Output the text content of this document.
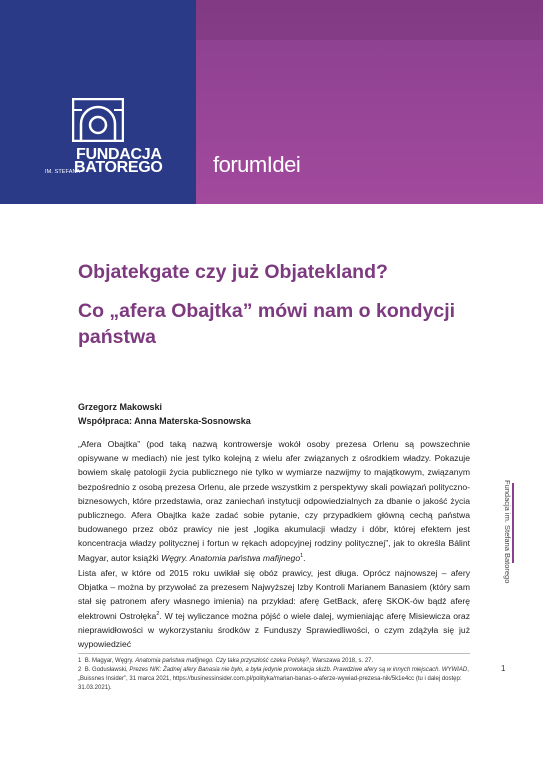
FUNDACJA
BATOREGO
IM. STEFANA	forumIdei
Objatekgate czy już Objatekland?
Co „afera Obajtka” mówi nam o kondycji państwa
Grzegorz Makowski
Współpraca: Anna Materska-Sosnowska

„Afera Obajtka” (pod taką nazwą kontrowersje wokół osoby prezesa Orlenu są powszechnie opisywane w mediach) nie jest tylko kolejną z wielu afer związanych z ośrodkiem władzy. Pokazuje bowiem skalę patologii życia publicznego nie tylko w wymiarze nazwijmy to majątkowym, związanym bezpośrednio z osobą prezesa Orlenu, ale przede wszystkim z perspektywy skali powiązań polityczno-biznesowych, które przedstawia, oraz zaniechań instytucji odpowiedzialnych za dbanie o jakość życia publicznego. Afera Obajtka każe zadać sobie pytanie, czy przypadkiem główną cechą państwa budowanego przez obóz prawicy nie jest „logika akumulacji władzy i dóbr, której efektem jest koncentracja władzy politycznej i fortun w rękach adopcyjnej rodziny politycznej”, jak to określa Bálint Magyar, autor książki Węgry. Anatomia państwa mafijnego$^1$.

Lista afer, w które od 2015 roku uwikłał się obóz prawicy, jest długa. Oprócz najnowszej – afery Objatka – można by przywołać za prezesem Najwyższej Izby Kontroli Marianem Banasiem (który sam stał się patronem afery własnego imienia) na przykład: aferę GetBack, aferę SKOK-ów bądź aferę elektrowni Ostrołęka$^2$. W tej wyliczance można pójść o wiele dalej, wymieniając aferę Misiewicza oraz nieprawidłowości w wykorzystaniu środków z Funduszy Sprawiedliwości, o czym zdążyła się już wypowiedzieć

1 B. Magyar, Węgry. Anatomia państwa mafijnego. Czy taka przyszłość czeka Polskę?, Warszawa 2018, s. 27.

2 B. Godusławski, Prezes NIK: Żadnej afery Banasia nie było, a była jedynie prowokacja służb. Prawdziwe afery są w innych miejscach. WYWIAD, „Buissnes Insider”, 31 marca 2021, https://businessinsider.com.pl/polityka/marian-banas-o-aferze-wywiad-prezesa-nik/5k1e4cc (tu i dalej dostęp: 31.03.2021).

Fundacja im. Stefana Batorego
1
